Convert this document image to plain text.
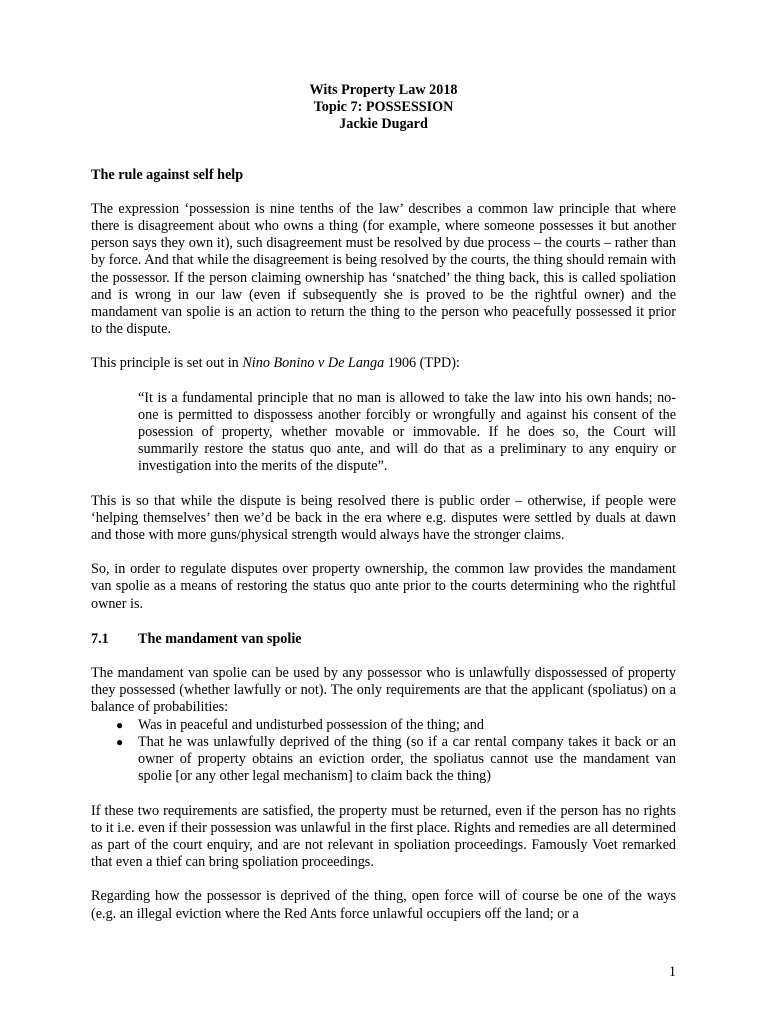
Wits Property Law 2018
Topic 7: POSSESSION
Jackie Dugard
The rule against self help

The expression ‘possession is nine tenths of the law’ describes a common law principle that where there is disagreement about who owns a thing (for example, where someone possesses it but another person says they own it), such disagreement must be resolved by due process – the courts – rather than by force. And that while the disagreement is being resolved by the courts, the thing should remain with the possessor. If the person claiming ownership has ‘snatched’ the thing back, this is called spoliation and is wrong in our law (even if subsequently she is proved to be the rightful owner) and the mandament van spolie is an action to return the thing to the person who peacefully possessed it prior to the dispute.

This principle is set out in Nino Bonino v De Langa 1906 (TPD):

“It is a fundamental principle that no man is allowed to take the law into his own hands; no-one is permitted to dispossess another forcibly or wrongfully and against his consent of the posession of property, whether movable or immovable. If he does so, the Court will summarily restore the status quo ante, and will do that as a preliminary to any enquiry or investigation into the merits of the dispute”.

This is so that while the dispute is being resolved there is public order – otherwise, if people were ‘helping themselves’ then we’d be back in the era where e.g. disputes were settled by duals at dawn and those with more guns/physical strength would always have the stronger claims.

So, in order to regulate disputes over property ownership, the common law provides the mandament van spolie as a means of restoring the status quo ante prior to the courts determining who the rightful owner is.

7.1 The mandament van spolie

The mandament van spolie can be used by any possessor who is unlawfully dispossessed of property they possessed (whether lawfully or not). The only requirements are that the applicant (spoliatus) on a balance of probabilities:

● Was in peaceful and undisturbed possession of the thing; and
● That he was unlawfully deprived of the thing (so if a car rental company takes it back or an owner of property obtains an eviction order, the spoliatus cannot use the mandament van spolie [or any other legal mechanism] to claim back the thing)

If these two requirements are satisfied, the property must be returned, even if the person has no rights to it i.e. even if their possession was unlawful in the first place. Rights and remedies are all determined as part of the court enquiry, and are not relevant in spoliation proceedings. Famously Voet remarked that even a thief can bring spoliation proceedings.

Regarding how the possessor is deprived of the thing, open force will of course be one of the ways (e.g. an illegal eviction where the Red Ants force unlawful occupiers off the land; or a

1
